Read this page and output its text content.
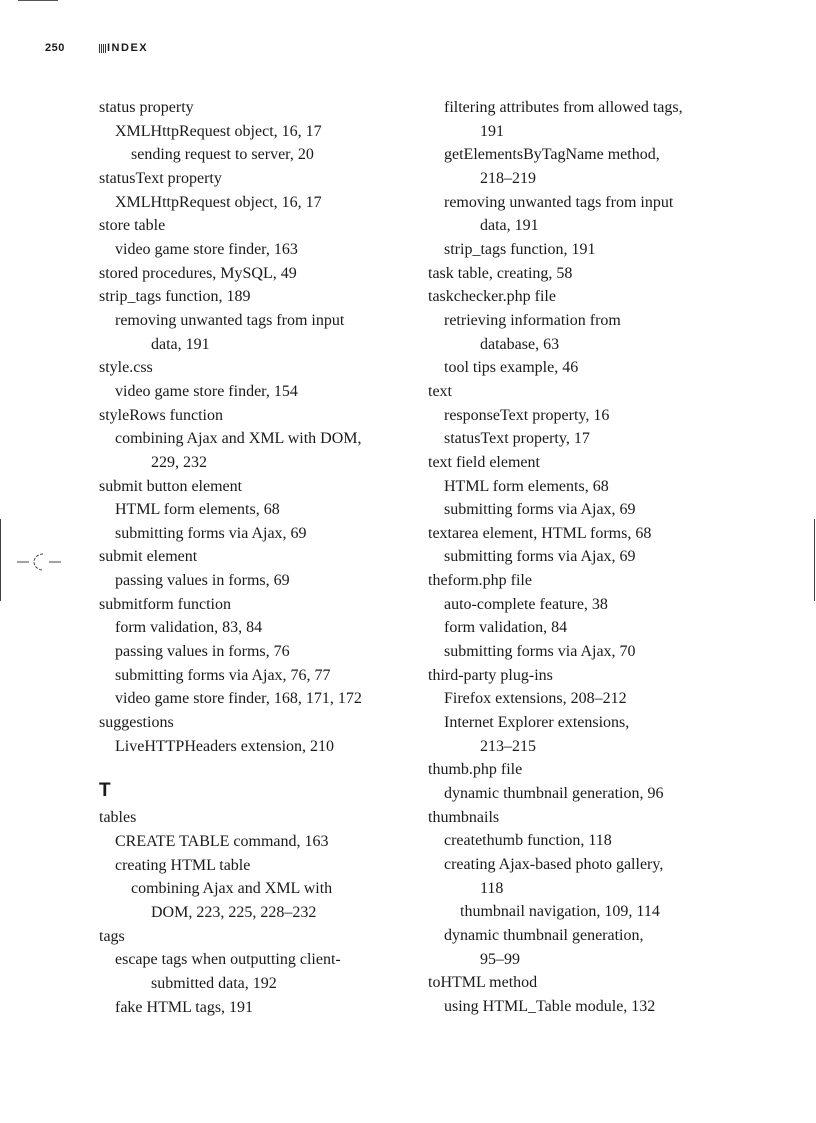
250	INDEX
status property
XMLHttpRequest object, 16, 17
sending request to server, 20
statusText property
XMLHttpRequest object, 16, 17
store table
video game store finder, 163
stored procedures, MySQL, 49
strip_tags function, 189
removing unwanted tags from input
data, 191
style.css
video game store finder, 154
styleRows function
combining Ajax and XML with DOM,
229, 232
submit button element
HTML form elements, 68
submitting forms via Ajax, 69
submit element
passing values in forms, 69
submitform function
form validation, 83, 84
passing values in forms, 76
submitting forms via Ajax, 76, 77
video game store finder, 168, 171, 172
suggestions
LiveHTTPHeaders extension, 210
T
tables
CREATE TABLE command, 163
creating HTML table
combining Ajax and XML with
DOM, 223, 225, 228–232
tags
escape tags when outputting client-
submitted data, 192
fake HTML tags, 191
filtering attributes from allowed tags,
191
getElementsByTagName method,
218–219
removing unwanted tags from input
data, 191
strip_tags function, 191
task table, creating, 58
taskchecker.php file
retrieving information from
database, 63
tool tips example, 46
text
responseText property, 16
statusText property, 17
text field element
HTML form elements, 68
submitting forms via Ajax, 69
textarea element, HTML forms, 68
submitting forms via Ajax, 69
theform.php file
auto-complete feature, 38
form validation, 84
submitting forms via Ajax, 70
third-party plug-ins
Firefox extensions, 208–212
Internet Explorer extensions,
213–215
thumb.php file
dynamic thumbnail generation, 96
thumbnails
createthumb function, 118
creating Ajax-based photo gallery,
118
thumbnail navigation, 109, 114
dynamic thumbnail generation,
95–99
toHTML method
using HTML_Table module, 132
